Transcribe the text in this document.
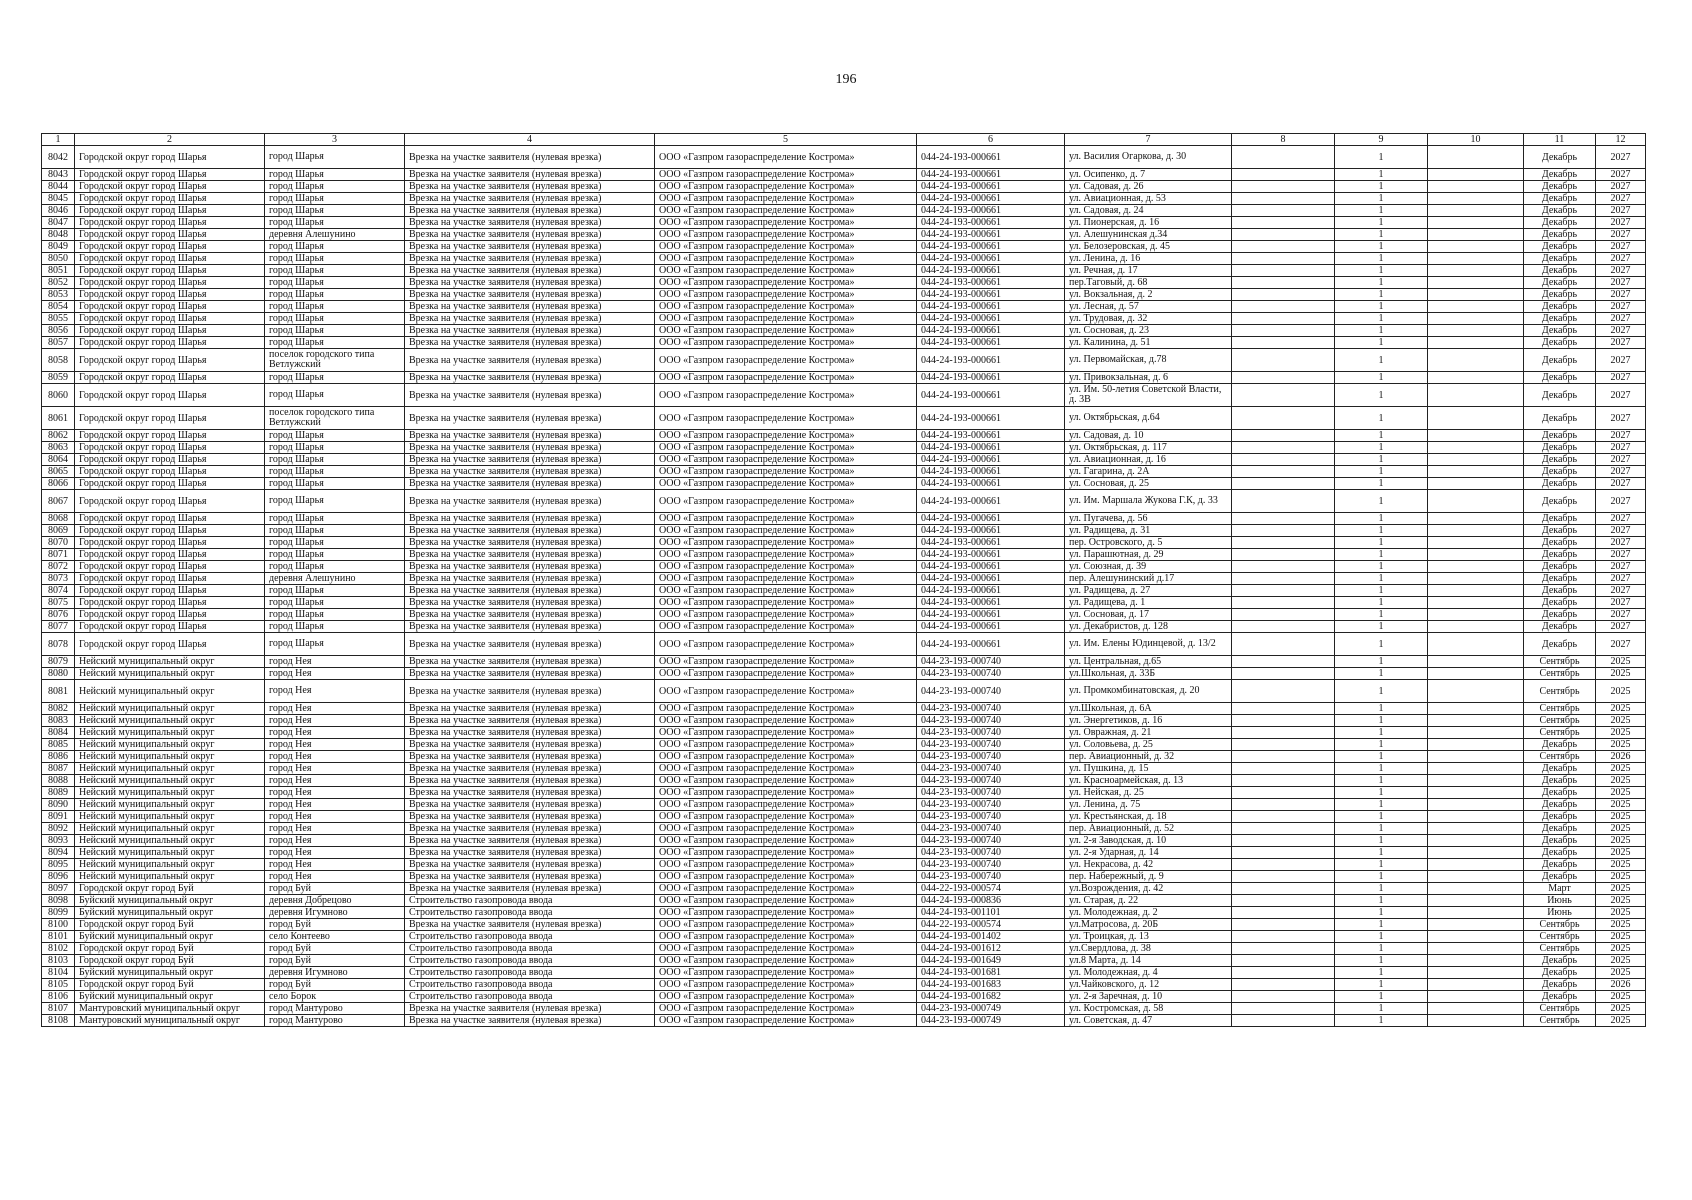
196
1	2	3	4	5	6	7	8	9	10	11	12
8042	Городской округ город Шарья	город Шарья	Врезка на участке заявителя (нулевая врезка)	ООО «Газпром газораспределение Кострома»	044-24-193-000661	ул. Василия Огаркова, д. 30		1		Декабрь	2027
8043	Городской округ город Шарья	город Шарья	Врезка на участке заявителя (нулевая врезка)	ООО «Газпром газораспределение Кострома»	044-24-193-000661	ул. Осипенко, д. 7		1		Декабрь	2027
8044	Городской округ город Шарья	город Шарья	Врезка на участке заявителя (нулевая врезка)	ООО «Газпром газораспределение Кострома»	044-24-193-000661	ул. Садовая, д. 26		1		Декабрь	2027
8045	Городской округ город Шарья	город Шарья	Врезка на участке заявителя (нулевая врезка)	ООО «Газпром газораспределение Кострома»	044-24-193-000661	ул. Авиационная, д. 53		1		Декабрь	2027
8046	Городской округ город Шарья	город Шарья	Врезка на участке заявителя (нулевая врезка)	ООО «Газпром газораспределение Кострома»	044-24-193-000661	ул. Садовая, д. 24		1		Декабрь	2027
8047	Городской округ город Шарья	город Шарья	Врезка на участке заявителя (нулевая врезка)	ООО «Газпром газораспределение Кострома»	044-24-193-000661	ул. Пионерская, д. 16		1		Декабрь	2027
8048	Городской округ город Шарья	деревня Алешунино	Врезка на участке заявителя (нулевая врезка)	ООО «Газпром газораспределение Кострома»	044-24-193-000661	ул. Алешунинская д.34		1		Декабрь	2027
8049	Городской округ город Шарья	город Шарья	Врезка на участке заявителя (нулевая врезка)	ООО «Газпром газораспределение Кострома»	044-24-193-000661	ул. Белозеровская, д. 45		1		Декабрь	2027
8050	Городской округ город Шарья	город Шарья	Врезка на участке заявителя (нулевая врезка)	ООО «Газпром газораспределение Кострома»	044-24-193-000661	ул. Ленина, д. 16		1		Декабрь	2027
8051	Городской округ город Шарья	город Шарья	Врезка на участке заявителя (нулевая врезка)	ООО «Газпром газораспределение Кострома»	044-24-193-000661	ул. Речная, д. 17		1		Декабрь	2027
8052	Городской округ город Шарья	город Шарья	Врезка на участке заявителя (нулевая врезка)	ООО «Газпром газораспределение Кострома»	044-24-193-000661	пер.Таговый, д. 68		1		Декабрь	2027
8053	Городской округ город Шарья	город Шарья	Врезка на участке заявителя (нулевая врезка)	ООО «Газпром газораспределение Кострома»	044-24-193-000661	ул. Вокзальная, д. 2		1		Декабрь	2027
8054	Городской округ город Шарья	город Шарья	Врезка на участке заявителя (нулевая врезка)	ООО «Газпром газораспределение Кострома»	044-24-193-000661	ул. Лесная, д. 57		1		Декабрь	2027
8055	Городской округ город Шарья	город Шарья	Врезка на участке заявителя (нулевая врезка)	ООО «Газпром газораспределение Кострома»	044-24-193-000661	ул. Трудовая, д. 32		1		Декабрь	2027
8056	Городской округ город Шарья	город Шарья	Врезка на участке заявителя (нулевая врезка)	ООО «Газпром газораспределение Кострома»	044-24-193-000661	ул. Сосновая, д. 23		1		Декабрь	2027
8057	Городской округ город Шарья	город Шарья	Врезка на участке заявителя (нулевая врезка)	ООО «Газпром газораспределение Кострома»	044-24-193-000661	ул. Калинина, д. 51		1		Декабрь	2027
8058	Городской округ город Шарья	поселок городского типа Ветлужский	Врезка на участке заявителя (нулевая врезка)	ООО «Газпром газораспределение Кострома»	044-24-193-000661	ул. Первомайская, д.78		1		Декабрь	2027
8059	Городской округ город Шарья	город Шарья	Врезка на участке заявителя (нулевая врезка)	ООО «Газпром газораспределение Кострома»	044-24-193-000661	ул. Привокзальная, д. 6		1		Декабрь	2027
8060	Городской округ город Шарья	город Шарья	Врезка на участке заявителя (нулевая врезка)	ООО «Газпром газораспределение Кострома»	044-24-193-000661	ул. Им. 50-летия Советской Власти, д. 3В		1		Декабрь	2027
8061	Городской округ город Шарья	поселок городского типа Ветлужский	Врезка на участке заявителя (нулевая врезка)	ООО «Газпром газораспределение Кострома»	044-24-193-000661	ул. Октябрьская, д.64		1		Декабрь	2027
8062	Городской округ город Шарья	город Шарья	Врезка на участке заявителя (нулевая врезка)	ООО «Газпром газораспределение Кострома»	044-24-193-000661	ул. Садовая, д. 10		1		Декабрь	2027
8063	Городской округ город Шарья	город Шарья	Врезка на участке заявителя (нулевая врезка)	ООО «Газпром газораспределение Кострома»	044-24-193-000661	ул. Октябрьская, д. 117		1		Декабрь	2027
8064	Городской округ город Шарья	город Шарья	Врезка на участке заявителя (нулевая врезка)	ООО «Газпром газораспределение Кострома»	044-24-193-000661	ул. Авиационная, д. 16		1		Декабрь	2027
8065	Городской округ город Шарья	город Шарья	Врезка на участке заявителя (нулевая врезка)	ООО «Газпром газораспределение Кострома»	044-24-193-000661	ул. Гагарина, д. 2А		1		Декабрь	2027
8066	Городской округ город Шарья	город Шарья	Врезка на участке заявителя (нулевая врезка)	ООО «Газпром газораспределение Кострома»	044-24-193-000661	ул. Сосновая, д. 25		1		Декабрь	2027
8067	Городской округ город Шарья	город Шарья	Врезка на участке заявителя (нулевая врезка)	ООО «Газпром газораспределение Кострома»	044-24-193-000661	ул. Им. Маршала Жукова Г.К, д. 33		1		Декабрь	2027
8068	Городской округ город Шарья	город Шарья	Врезка на участке заявителя (нулевая врезка)	ООО «Газпром газораспределение Кострома»	044-24-193-000661	ул. Пугачева, д. 56		1		Декабрь	2027
8069	Городской округ город Шарья	город Шарья	Врезка на участке заявителя (нулевая врезка)	ООО «Газпром газораспределение Кострома»	044-24-193-000661	ул. Радищева, д. 31		1		Декабрь	2027
8070	Городской округ город Шарья	город Шарья	Врезка на участке заявителя (нулевая врезка)	ООО «Газпром газораспределение Кострома»	044-24-193-000661	пер. Островского, д. 5		1		Декабрь	2027
8071	Городской округ город Шарья	город Шарья	Врезка на участке заявителя (нулевая врезка)	ООО «Газпром газораспределение Кострома»	044-24-193-000661	ул. Парашютная, д. 29		1		Декабрь	2027
8072	Городской округ город Шарья	город Шарья	Врезка на участке заявителя (нулевая врезка)	ООО «Газпром газораспределение Кострома»	044-24-193-000661	ул. Союзная, д. 39		1		Декабрь	2027
8073	Городской округ город Шарья	деревня Алешунино	Врезка на участке заявителя (нулевая врезка)	ООО «Газпром газораспределение Кострома»	044-24-193-000661	пер. Алешунинский д.17		1		Декабрь	2027
8074	Городской округ город Шарья	город Шарья	Врезка на участке заявителя (нулевая врезка)	ООО «Газпром газораспределение Кострома»	044-24-193-000661	ул. Радищева, д. 27		1		Декабрь	2027
8075	Городской округ город Шарья	город Шарья	Врезка на участке заявителя (нулевая врезка)	ООО «Газпром газораспределение Кострома»	044-24-193-000661	ул. Радищева, д. 1		1		Декабрь	2027
8076	Городской округ город Шарья	город Шарья	Врезка на участке заявителя (нулевая врезка)	ООО «Газпром газораспределение Кострома»	044-24-193-000661	ул. Сосновая, д. 17		1		Декабрь	2027
8077	Городской округ город Шарья	город Шарья	Врезка на участке заявителя (нулевая врезка)	ООО «Газпром газораспределение Кострома»	044-24-193-000661	ул. Декабристов, д. 128		1		Декабрь	2027
8078	Городской округ город Шарья	город Шарья	Врезка на участке заявителя (нулевая врезка)	ООО «Газпром газораспределение Кострома»	044-24-193-000661	ул. Им. Елены Юдинцевой, д. 13/2		1		Декабрь	2027
8079	Нейский муниципальный округ	город Нея	Врезка на участке заявителя (нулевая врезка)	ООО «Газпром газораспределение Кострома»	044-23-193-000740	ул. Центральная, д.65		1		Сентябрь	2025
8080	Нейский муниципальный округ	город Нея	Врезка на участке заявителя (нулевая врезка)	ООО «Газпром газораспределение Кострома»	044-23-193-000740	ул.Школьная, д. 33Б		1		Сентябрь	2025
8081	Нейский муниципальный округ	город Нея	Врезка на участке заявителя (нулевая врезка)	ООО «Газпром газораспределение Кострома»	044-23-193-000740	ул. Промкомбинатовская, д. 20		1		Сентябрь	2025
8082	Нейский муниципальный округ	город Нея	Врезка на участке заявителя (нулевая врезка)	ООО «Газпром газораспределение Кострома»	044-23-193-000740	ул.Школьная, д. 6А		1		Сентябрь	2025
8083	Нейский муниципальный округ	город Нея	Врезка на участке заявителя (нулевая врезка)	ООО «Газпром газораспределение Кострома»	044-23-193-000740	ул. Энергетиков, д. 16		1		Сентябрь	2025
8084	Нейский муниципальный округ	город Нея	Врезка на участке заявителя (нулевая врезка)	ООО «Газпром газораспределение Кострома»	044-23-193-000740	ул. Овражная, д. 21		1		Сентябрь	2025
8085	Нейский муниципальный округ	город Нея	Врезка на участке заявителя (нулевая врезка)	ООО «Газпром газораспределение Кострома»	044-23-193-000740	ул. Соловьева, д. 25		1		Декабрь	2025
8086	Нейский муниципальный округ	город Нея	Врезка на участке заявителя (нулевая врезка)	ООО «Газпром газораспределение Кострома»	044-23-193-000740	пер. Авиационный, д. 32		1		Сентябрь	2026
8087	Нейский муниципальный округ	город Нея	Врезка на участке заявителя (нулевая врезка)	ООО «Газпром газораспределение Кострома»	044-23-193-000740	ул. Пушкина, д. 15		1		Декабрь	2025
8088	Нейский муниципальный округ	город Нея	Врезка на участке заявителя (нулевая врезка)	ООО «Газпром газораспределение Кострома»	044-23-193-000740	ул. Красноармейская, д. 13		1		Декабрь	2025
8089	Нейский муниципальный округ	город Нея	Врезка на участке заявителя (нулевая врезка)	ООО «Газпром газораспределение Кострома»	044-23-193-000740	ул. Нейская, д. 25		1		Декабрь	2025
8090	Нейский муниципальный округ	город Нея	Врезка на участке заявителя (нулевая врезка)	ООО «Газпром газораспределение Кострома»	044-23-193-000740	ул. Ленина, д. 75		1		Декабрь	2025
8091	Нейский муниципальный округ	город Нея	Врезка на участке заявителя (нулевая врезка)	ООО «Газпром газораспределение Кострома»	044-23-193-000740	ул. Крестьянская, д. 18		1		Декабрь	2025
8092	Нейский муниципальный округ	город Нея	Врезка на участке заявителя (нулевая врезка)	ООО «Газпром газораспределение Кострома»	044-23-193-000740	пер. Авиационный, д. 52		1		Декабрь	2025
8093	Нейский муниципальный округ	город Нея	Врезка на участке заявителя (нулевая врезка)	ООО «Газпром газораспределение Кострома»	044-23-193-000740	ул. 2-я Заводская, д. 10		1		Декабрь	2025
8094	Нейский муниципальный округ	город Нея	Врезка на участке заявителя (нулевая врезка)	ООО «Газпром газораспределение Кострома»	044-23-193-000740	ул. 2-я Ударная, д. 14		1		Декабрь	2025
8095	Нейский муниципальный округ	город Нея	Врезка на участке заявителя (нулевая врезка)	ООО «Газпром газораспределение Кострома»	044-23-193-000740	ул. Некрасова, д. 42		1		Декабрь	2025
8096	Нейский муниципальный округ	город Нея	Врезка на участке заявителя (нулевая врезка)	ООО «Газпром газораспределение Кострома»	044-23-193-000740	пер. Набережный, д. 9		1		Декабрь	2025
8097	Городской округ город Буй	город Буй	Врезка на участке заявителя (нулевая врезка)	ООО «Газпром газораспределение Кострома»	044-22-193-000574	ул.Возрождения, д. 42		1		Март	2025
8098	Буйский муниципальный округ	деревня Добрецово	Строительство газопровода ввода	ООО «Газпром газораспределение Кострома»	044-24-193-000836	ул. Старая, д. 22		1		Июнь	2025
8099	Буйский муниципальный округ	деревня Игумново	Строительство газопровода ввода	ООО «Газпром газораспределение Кострома»	044-24-193-001101	ул. Молодежная, д. 2		1		Июнь	2025
8100	Городской округ город Буй	город Буй	Врезка на участке заявителя (нулевая врезка)	ООО «Газпром газораспределение Кострома»	044-22-193-000574	ул.Матросова, д. 20Б		1		Сентябрь	2025
8101	Буйский муниципальный округ	село Контеево	Строительство газопровода ввода	ООО «Газпром газораспределение Кострома»	044-24-193-001402	ул. Троицкая, д. 13		1		Сентябрь	2025
8102	Городской округ город Буй	город Буй	Строительство газопровода ввода	ООО «Газпром газораспределение Кострома»	044-24-193-001612	ул.Свердлова, д. 38		1		Сентябрь	2025
8103	Городской округ город Буй	город Буй	Строительство газопровода ввода	ООО «Газпром газораспределение Кострома»	044-24-193-001649	ул.8 Марта, д. 14		1		Декабрь	2025
8104	Буйский муниципальный округ	деревня Игумново	Строительство газопровода ввода	ООО «Газпром газораспределение Кострома»	044-24-193-001681	ул. Молодежная, д. 4		1		Декабрь	2025
8105	Городской округ город Буй	город Буй	Строительство газопровода ввода	ООО «Газпром газораспределение Кострома»	044-24-193-001683	ул.Чайковского, д. 12		1		Декабрь	2026
8106	Буйский муниципальный округ	село Борок	Строительство газопровода ввода	ООО «Газпром газораспределение Кострома»	044-24-193-001682	ул. 2-я Заречная, д. 10		1		Декабрь	2025
8107	Мантуровский муниципальный округ	город Мантурово	Врезка на участке заявителя (нулевая врезка)	ООО «Газпром газораспределение Кострома»	044-23-193-000749	ул. Костромская, д. 58		1		Сентябрь	2025
8108	Мантуровский муниципальный округ	город Мантурово	Врезка на участке заявителя (нулевая врезка)	ООО «Газпром газораспределение Кострома»	044-23-193-000749	ул. Советская, д. 47		1		Сентябрь	2025
